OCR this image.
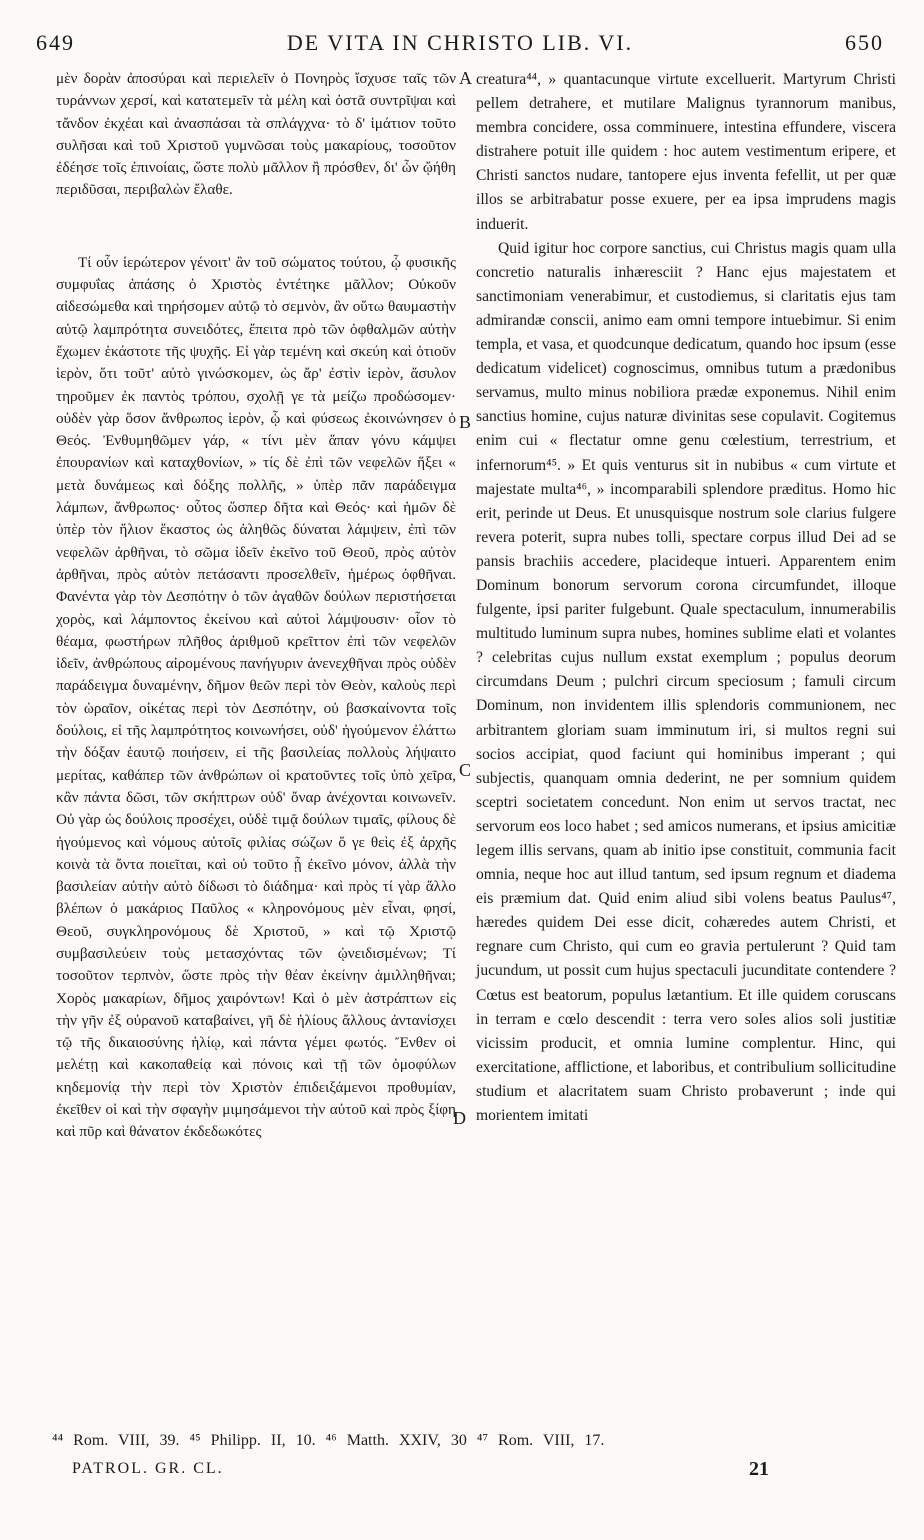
649	DE VITA IN CHRISTO LIB. VI.	650

μὲν δορὰν ἀποσύραι καὶ περιελεῖν ὁ Πονηρὸς ἴσχυσε ταῖς τῶν τυράννων χερσί, καὶ κατατεμεῖν τὰ μέλη καὶ ὀστᾶ συντρῖψαι καὶ τἄνδον ἐκχέαι καὶ ἀνασπάσαι τὰ σπλάγχνα· τὸ δ' ἱμάτιον τοῦτο συλῆσαι καὶ τοῦ Χριστοῦ γυμνῶσαι τοὺς μακαρίους, τοσοῦτον ἐδέησε τοῖς ἐπινοίαις, ὥστε πολὺ μᾶλλον ἢ πρόσθεν, δι' ὧν ᾤήθη περιδῦσαι, περιβαλὼν ἔλαθε.

Τί οὖν ἱερώτερον γένοιτ' ἂν τοῦ σώματος τούτου, ᾧ φυσικῆς συμφυΐας ἁπάσης ὁ Χριστὸς ἐντέτηκε μᾶλλον; Οὐκοῦν αἰδεσώμεθα καὶ τηρήσομεν αὐτῷ τὸ σεμνὸν, ἂν οὕτω θαυμαστὴν αὐτῷ λαμπρότητα συνειδότες, ἔπειτα πρὸ τῶν ὀφθαλμῶν αὐτὴν ἔχωμεν ἑκάστοτε τῆς ψυχῆς. Εἰ γὰρ τεμένη καὶ σκεύη καὶ ὁτιοῦν ἱερὸν, ὅτι τοῦτ' αὐτὸ γινώσκομεν, ὡς ἄρ' ἐστὶν ἱερὸν, ἄσυλον τηροῦμεν ἐκ παντὸς τρόπου, σχολῇ γε τὰ μείζω προδώσομεν· οὐδὲν γὰρ ὅσον ἄνθρωπος ἱερὸν, ᾧ καὶ φύσεως ἐκοινώνησεν ὁ Θεός. Ἐνθυμηθῶμεν γάρ, « τίνι μὲν ἅπαν γόνυ κάμψει ἐπουρανίων καὶ καταχθονίων, » τίς δὲ ἐπὶ τῶν νεφελῶν ἥξει « μετὰ δυνάμεως καὶ δόξης πολλῆς, » ὑπὲρ πᾶν παράδειγμα λάμπων, ἄνθρωπος· οὗτος ὥσπερ δῆτα καὶ Θεός· καὶ ἡμῶν δὲ ὑπὲρ τὸν ἥλιον ἕκαστος ὡς ἀληθῶς δύναται λάμψειν, ἐπὶ τῶν νεφελῶν ἀρθῆναι, τὸ σῶμα ἰδεῖν ἐκεῖνο τοῦ Θεοῦ, πρὸς αὐτὸν ἀρθῆναι, πρὸς αὐτὸν πετάσαντι προσελθεῖν, ἡμέρως ὀφθῆναι. Φανέντα γὰρ τὸν Δεσπότην ὁ τῶν ἀγαθῶν δούλων περιστήσεται χορὸς, καὶ λάμποντος ἐκείνου καὶ αὐτοὶ λάμψουσιν· οἷον τὸ θέαμα, φωστήρων πλῆθος ἀριθμοῦ κρεῖττον ἐπὶ τῶν νεφελῶν ἰδεῖν, ἀνθρώπους αἰρομένους πανήγυριν ἀνενεχθῆναι πρὸς οὐδὲν παράδειγμα δυναμένην, δῆμον θεῶν περὶ τὸν Θεὸν, καλοὺς περὶ τὸν ὡραῖον, οἰκέτας περὶ τὸν Δεσπότην, οὐ βασκαίνοντα τοῖς δούλοις, εἰ τῆς λαμπρότητος κοινωνήσει, οὐδ' ἡγούμενον ἐλάττω τὴν δόξαν ἑαυτῷ ποιήσειν, εἰ τῆς βασιλείας πολλοὺς λήψαιτο μερίτας, καθάπερ τῶν ἀνθρώπων οἱ κρατοῦντες τοῖς ὑπὸ χεῖρα, κἂν πάντα δῶσι, τῶν σκήπτρων οὐδ' ὄναρ ἀνέχονται κοινωνεῖν. Οὐ γὰρ ὡς δούλοις προσέχει, οὐδὲ τιμᾷ δούλων τιμαῖς, φίλους δὲ ἡγούμενος καὶ νόμους αὐτοῖς φιλίας σώζων ὅ γε θεὶς ἐξ ἀρχῆς κοινὰ τὰ ὄντα ποιεῖται, καὶ οὐ τοῦτο ᾗ ἐκεῖνο μόνον, ἀλλὰ τὴν βασιλείαν αὐτὴν αὐτὸ δίδωσι τὸ διάδημα· καὶ πρὸς τί γὰρ ἄλλο βλέπων ὁ μακάριος Παῦλος « κληρονόμους μὲν εἶναι, φησί, Θεοῦ, συγκληρονόμους δὲ Χριστοῦ, » καὶ τῷ Χριστῷ συμβασιλεύειν τοὺς μετασχόντας τῶν ᾠνειδισμένων; Τί τοσοῦτον τερπνὸν, ὥστε πρὸς τὴν θέαν ἐκείνην ἁμιλληθῆναι; Χορὸς μακαρίων, δῆμος χαιρόντων! Καὶ ὁ μὲν ἀστράπτων εἰς τὴν γῆν ἐξ οὐρανοῦ καταβαίνει, γῆ δὲ ἡλίους ἄλλους ἀντανίσχει τῷ τῆς δικαιοσύνης ἡλίῳ, καὶ πάντα γέμει φωτός. Ἔνθεν οἱ μελέτῃ καὶ κακοπαθείᾳ καὶ πόνοις καὶ τῇ τῶν ὁμοφύλων κηδεμονίᾳ τὴν περὶ τὸν Χριστὸν ἐπιδειξάμενοι προθυμίαν, ἐκεῖθεν οἱ καὶ τὴν σφαγὴν μιμησάμενοι τὴν αὐτοῦ καὶ πρὸς ξίφη καὶ πῦρ καὶ θάνατον ἐκδεδωκότες

A
B
C
D

creatura⁴⁴, » quantacunque virtute excelluerit. Martyrum Christi pellem detrahere, et mutilare Malignus tyrannorum manibus, membra concidere, ossa comminuere, intestina effundere, viscera distrahere potuit ille quidem : hoc autem vestimentum eripere, et Christi sanctos nudare, tantopere ejus inventa fefellit, ut per quæ illos se arbitrabatur posse exuere, per ea ipsa imprudens magis induerit.

Quid igitur hoc corpore sanctius, cui Christus magis quam ulla concretio naturalis inhæresciit ? Hanc ejus majestatem et sanctimoniam venerabimur, et custodiemus, si claritatis ejus tam admirandæ conscii, animo eam omni tempore intuebimur. Si enim templa, et vasa, et quodcunque dedicatum, quando hoc ipsum (esse dedicatum videlicet) cognoscimus, omnibus tutum a prædonibus servamus, multo minus nobiliora prædæ exponemus. Nihil enim sanctius homine, cujus naturæ divinitas sese copulavit. Cogitemus enim cui « flectatur omne genu cœlestium, terrestrium, et infernorum⁴⁵. » Et quis venturus sit in nubibus « cum virtute et majestate multa⁴⁶, » incomparabili splendore præditus. Homo hic erit, perinde ut Deus. Et unusquisque nostrum sole clarius fulgere revera poterit, supra nubes tolli, spectare corpus illud Dei ad se pansis brachiis accedere, placideque intueri. Apparentem enim Dominum bonorum servorum corona circumfundet, illoque fulgente, ipsi pariter fulgebunt. Quale spectaculum, innumerabilis multitudo luminum supra nubes, homines sublime elati et volantes ? celebritas cujus nullum exstat exemplum ; populus deorum circumdans Deum ; pulchri circum speciosum ; famuli circum Dominum, non invidentem illis splendoris communionem, nec arbitrantem gloriam suam imminutum iri, si multos regni sui socios accipiat, quod faciunt qui hominibus imperant ; qui subjectis, quanquam omnia dederint, ne per somnium quidem sceptri societatem concedunt. Non enim ut servos tractat, nec servorum eos loco habet ; sed amicos numerans, et ipsius amicitiæ legem illis servans, quam ab initio ipse constituit, communia facit omnia, neque hoc aut illud tantum, sed ipsum regnum et diadema eis præmium dat. Quid enim aliud sibi volens beatus Paulus⁴⁷, hæredes quidem Dei esse dicit, cohæredes autem Christi, et regnare cum Christo, qui cum eo gravia pertulerunt ? Quid tam jucundum, ut possit cum hujus spectaculi jucunditate contendere ? Cœtus est beatorum, populus lætantium. Et ille quidem coruscans in terram e cœlo descendit : terra vero soles alios soli justitiæ vicissim producit, et omnia lumine complentur. Hinc, qui exercitatione, afflictione, et laboribus, et contribulium sollicitudine studium et alacritatem suam Christo probaverunt ; inde qui morientem imitati

⁴⁴ Rom. VIII, 39. ⁴⁵ Philipp. II, 10. ⁴⁶ Matth. XXIV, 30 ⁴⁷ Rom. VIII, 17.
PATROL. GR. CL.	21
